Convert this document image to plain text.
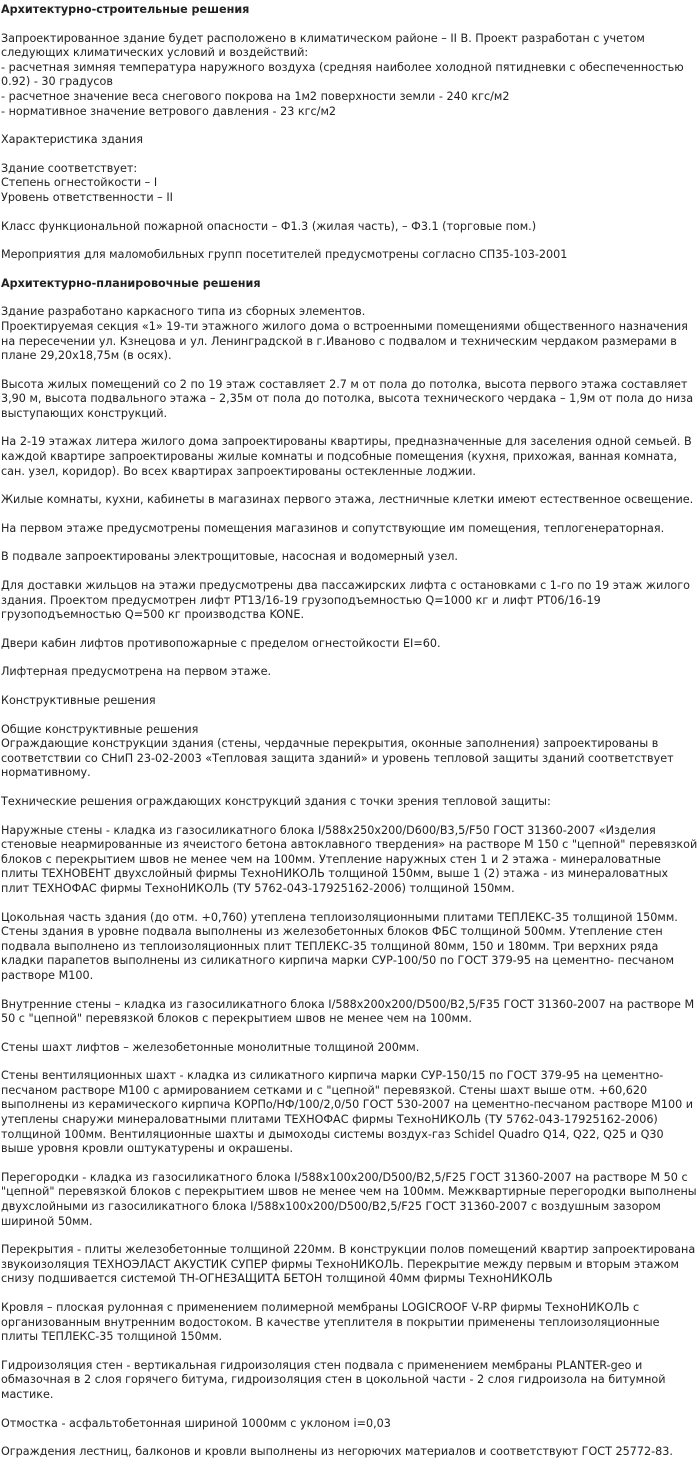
Архитектурно-строительные решения
Запроектированное здание будет расположено в климатическом районе – II В. Проект разработан с учетом следующих климатических условий и воздействий:
- расчетная зимняя температура наружного воздуха (средняя наиболее холодной пятидневки с обеспеченностью 0.92) - 30 градусов
- расчетное значение веса снегового покрова на 1м2 поверхности земли - 240 кгс/м2
- нормативное значение ветрового давления - 23 кгс/м2
Характеристика здания
Здание соответствует:
Степень огнестойкости – I
Уровень ответственности – II
Класс функциональной пожарной опасности – Ф1.3 (жилая часть), – Ф3.1 (торговые пом.)
Мероприятия для маломобильных групп посетителей предусмотрены согласно СП35-103-2001
Архитектурно-планировочные решения
Здание разработано каркасного типа из сборных элементов.
Проектируемая секция «1» 19-ти этажного жилого дома о встроенными помещениями общественного назначения на пересечении ул. Кзнецова и ул. Ленинградской в г.Иваново с подвалом и техническим чердаком размерами в плане 29,20x18,75м (в осях).
Высота жилых помещений со 2 по 19 этаж составляет 2.7 м от пола до потолка, высота первого этажа составляет 3,90 м, высота подвального этажа – 2,35м от пола до потолка, высота технического чердака – 1,9м от пола до низа выступающих конструкций.
На 2-19 этажах литера жилого дома запроектированы квартиры, предназначенные для заселения одной семьей. В каждой квартире запроектированы жилые комнаты и подсобные помещения (кухня, прихожая, ванная комната, сан. узел, коридор). Во всех квартирах запроектированы остекленные лоджии.
Жилые комнаты, кухни, кабинеты в магазинах первого этажа, лестничные клетки имеют естественное освещение.
На первом этаже предусмотрены помещения магазинов и сопутствующие им помещения, теплогенераторная.
В подвале запроектированы электрощитовые, насосная и водомерный узел.
Для доставки жильцов на этажи предусмотрены два пассажирских лифта с остановками с 1-го по 19 этаж жилого здания. Проектом предусмотрен лифт РТ13/16-19 грузоподъемностью Q=1000 кг и лифт РТ06/16-19 грузоподъемностью Q=500 кг производства KONE.
Двери кабин лифтов противопожарные с пределом огнестойкости EI=60.
Лифтерная предусмотрена на первом этаже.
Конструктивные решения
Общие конструктивные решения
Ограждающие конструкции здания (стены, чердачные перекрытия, оконные заполнения) запроектированы в соответствии со СНиП 23-02-2003 «Тепловая защита зданий» и уровень тепловой защиты зданий соответствует нормативному.
Технические решения ограждающих конструкций здания с точки зрения тепловой защиты:
Наружные стены - кладка из газосиликатного блока I/588x250x200/D600/B3,5/F50 ГОСТ 31360-2007 «Изделия стеновые неармированные из ячеистого бетона автоклавного твердения» на растворе М 150 с "цепной" перевязкой блоков с перекрытием швов не менее чем на 100мм. Утепление наружных стен 1 и 2 этажа - минераловатные плиты ТЕХНОВЕНТ двухслойный фирмы ТехноНИКОЛЬ толщиной 150мм, выше 1 (2) этажа - из минераловатных плит ТЕХНОФАС фирмы ТехноНИКОЛЬ (ТУ 5762-043-17925162-2006) толщиной 150мм.
Цокольная часть здания (до отм. +0,760) утеплена теплоизоляционными плитами ТЕПЛЕКС-35 толщиной 150мм. Стены здания в уровне подвала выполнены из железобетонных блоков ФБС толщиной 500мм. Утепление стен подвала выполнено из теплоизоляционных плит ТЕПЛЕКС-35 толщиной 80мм, 150 и 180мм. Три верхних ряда кладки парапетов выполнены из силикатного кирпича марки СУР-100/50 по ГОСТ 379-95 на цементно- песчаном растворе М100.
Внутренние стены – кладка из газосиликатного блока I/588x200x200/D500/B2,5/F35 ГОСТ 31360-2007 на растворе М 50 с "цепной" перевязкой блоков с перекрытием швов не менее чем на 100мм.
Стены шахт лифтов – железобетонные монолитные толщиной 200мм.
Стены вентиляционных шахт - кладка из силикатного кирпича марки СУР-150/15 по ГОСТ 379-95 на цементно-песчаном растворе М100 с армированием сетками и с "цепной" перевязкой. Стены шахт выше отм. +60,620 выполнены из керамического кирпича КОРПо/НФ/100/2,0/50 ГОСТ 530-2007 на цементно-песчаном растворе М100 и утеплены снаружи минераловатными плитами ТЕХНОФАС фирмы ТехноНИКОЛЬ (ТУ 5762-043-17925162-2006) толщиной 100мм. Вентиляционные шахты и дымоходы системы воздух-газ Schidel Quadro Q14, Q22, Q25 и Q30 выше уровня кровли оштукатурены и окрашены.
Перегородки - кладка из газосиликатного блока I/588x100x200/D500/B2,5/F25 ГОСТ 31360-2007 на растворе М 50 с "цепной" перевязкой блоков с перекрытием швов не менее чем на 100мм. Межквартирные перегородки выполнены двухслойными из газосиликатного блока I/588x100x200/D500/B2,5/F25 ГОСТ 31360-2007 с воздушным зазором шириной 50мм.
Перекрытия - плиты железобетонные толщиной 220мм. В конструкции полов помещений квартир запроектирована звукоизоляция ТЕХНОЭЛАСТ АКУСТИК СУПЕР фирмы ТехноНИКОЛЬ. Перекрытие между первым и вторым этажом снизу подшивается системой ТН-ОГНЕЗАЩИТА БЕТОН толщиной 40мм фирмы ТехноНИКОЛЬ
Кровля – плоская рулонная с применением полимерной мембраны LOGICROOF V-RP фирмы ТехноНИКОЛЬ с организованным внутренним водостоком. В качестве утеплителя в покрытии применены теплоизоляционные плиты ТЕПЛЕКС-35 толщиной 150мм.
Гидроизоляция стен - вертикальная гидроизоляция стен подвала с применением мембраны PLANTER-geo и обмазочная в 2 слоя горячего битума, гидроизоляция стен в цокольной части - 2 слоя гидроизола на битумной мастике.
Отмостка - асфальтобетонная шириной 1000мм с уклоном i=0,03
Ограждения лестниц, балконов и кровли выполнены из негорючих материалов и соответствуют ГОСТ 25772-83.
